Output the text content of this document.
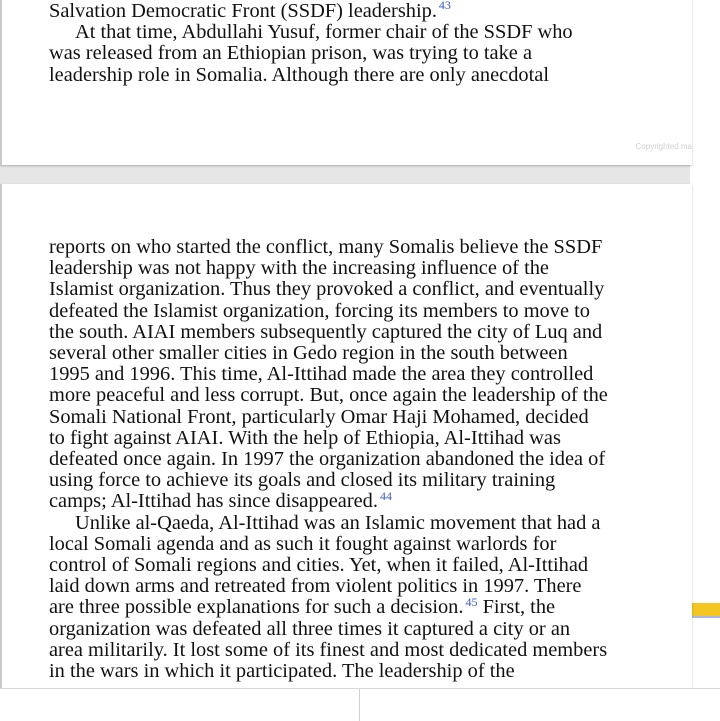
Salvation Democratic Front (SSDF) leadership. $^{43}$
At that time, Abdullahi Yusuf, former chair of the SSDF who
was released from an Ethiopian prison, was trying to take a
leadership role in Somalia. Although there are only anecdotal
Copyrighted ma
reports on who started the conflict, many Somalis believe the SSDF
leadership was not happy with the increasing influence of the
Islamist organization. Thus they provoked a conflict, and eventually
defeated the Islamist organization, forcing its members to move to
the south. AIAI members subsequently captured the city of Luq and
several other smaller cities in Gedo region in the south between
1995 and 1996. This time, Al-Ittihad made the area they controlled
more peaceful and less corrupt. But, once again the leadership of the
Somali National Front, particularly Omar Haji Mohamed, decided
to fight against AIAI. With the help of Ethiopia, Al-Ittihad was
defeated once again. In 1997 the organization abandoned the idea of
using force to achieve its goals and closed its military training
camps; Al-Ittihad has since disappeared. $^{44}$
Unlike al-Qaeda, Al-Ittihad was an Islamic movement that had a
local Somali agenda and as such it fought against warlords for
control of Somali regions and cities. Yet, when it failed, Al-Ittihad
laid down arms and retreated from violent politics in 1997. There
are three possible explanations for such a decision. $^{45}$ First, the
organization was defeated all three times it captured a city or an
area militarily. It lost some of its finest and most dedicated members
in the wars in which it participated. The leadership of the
